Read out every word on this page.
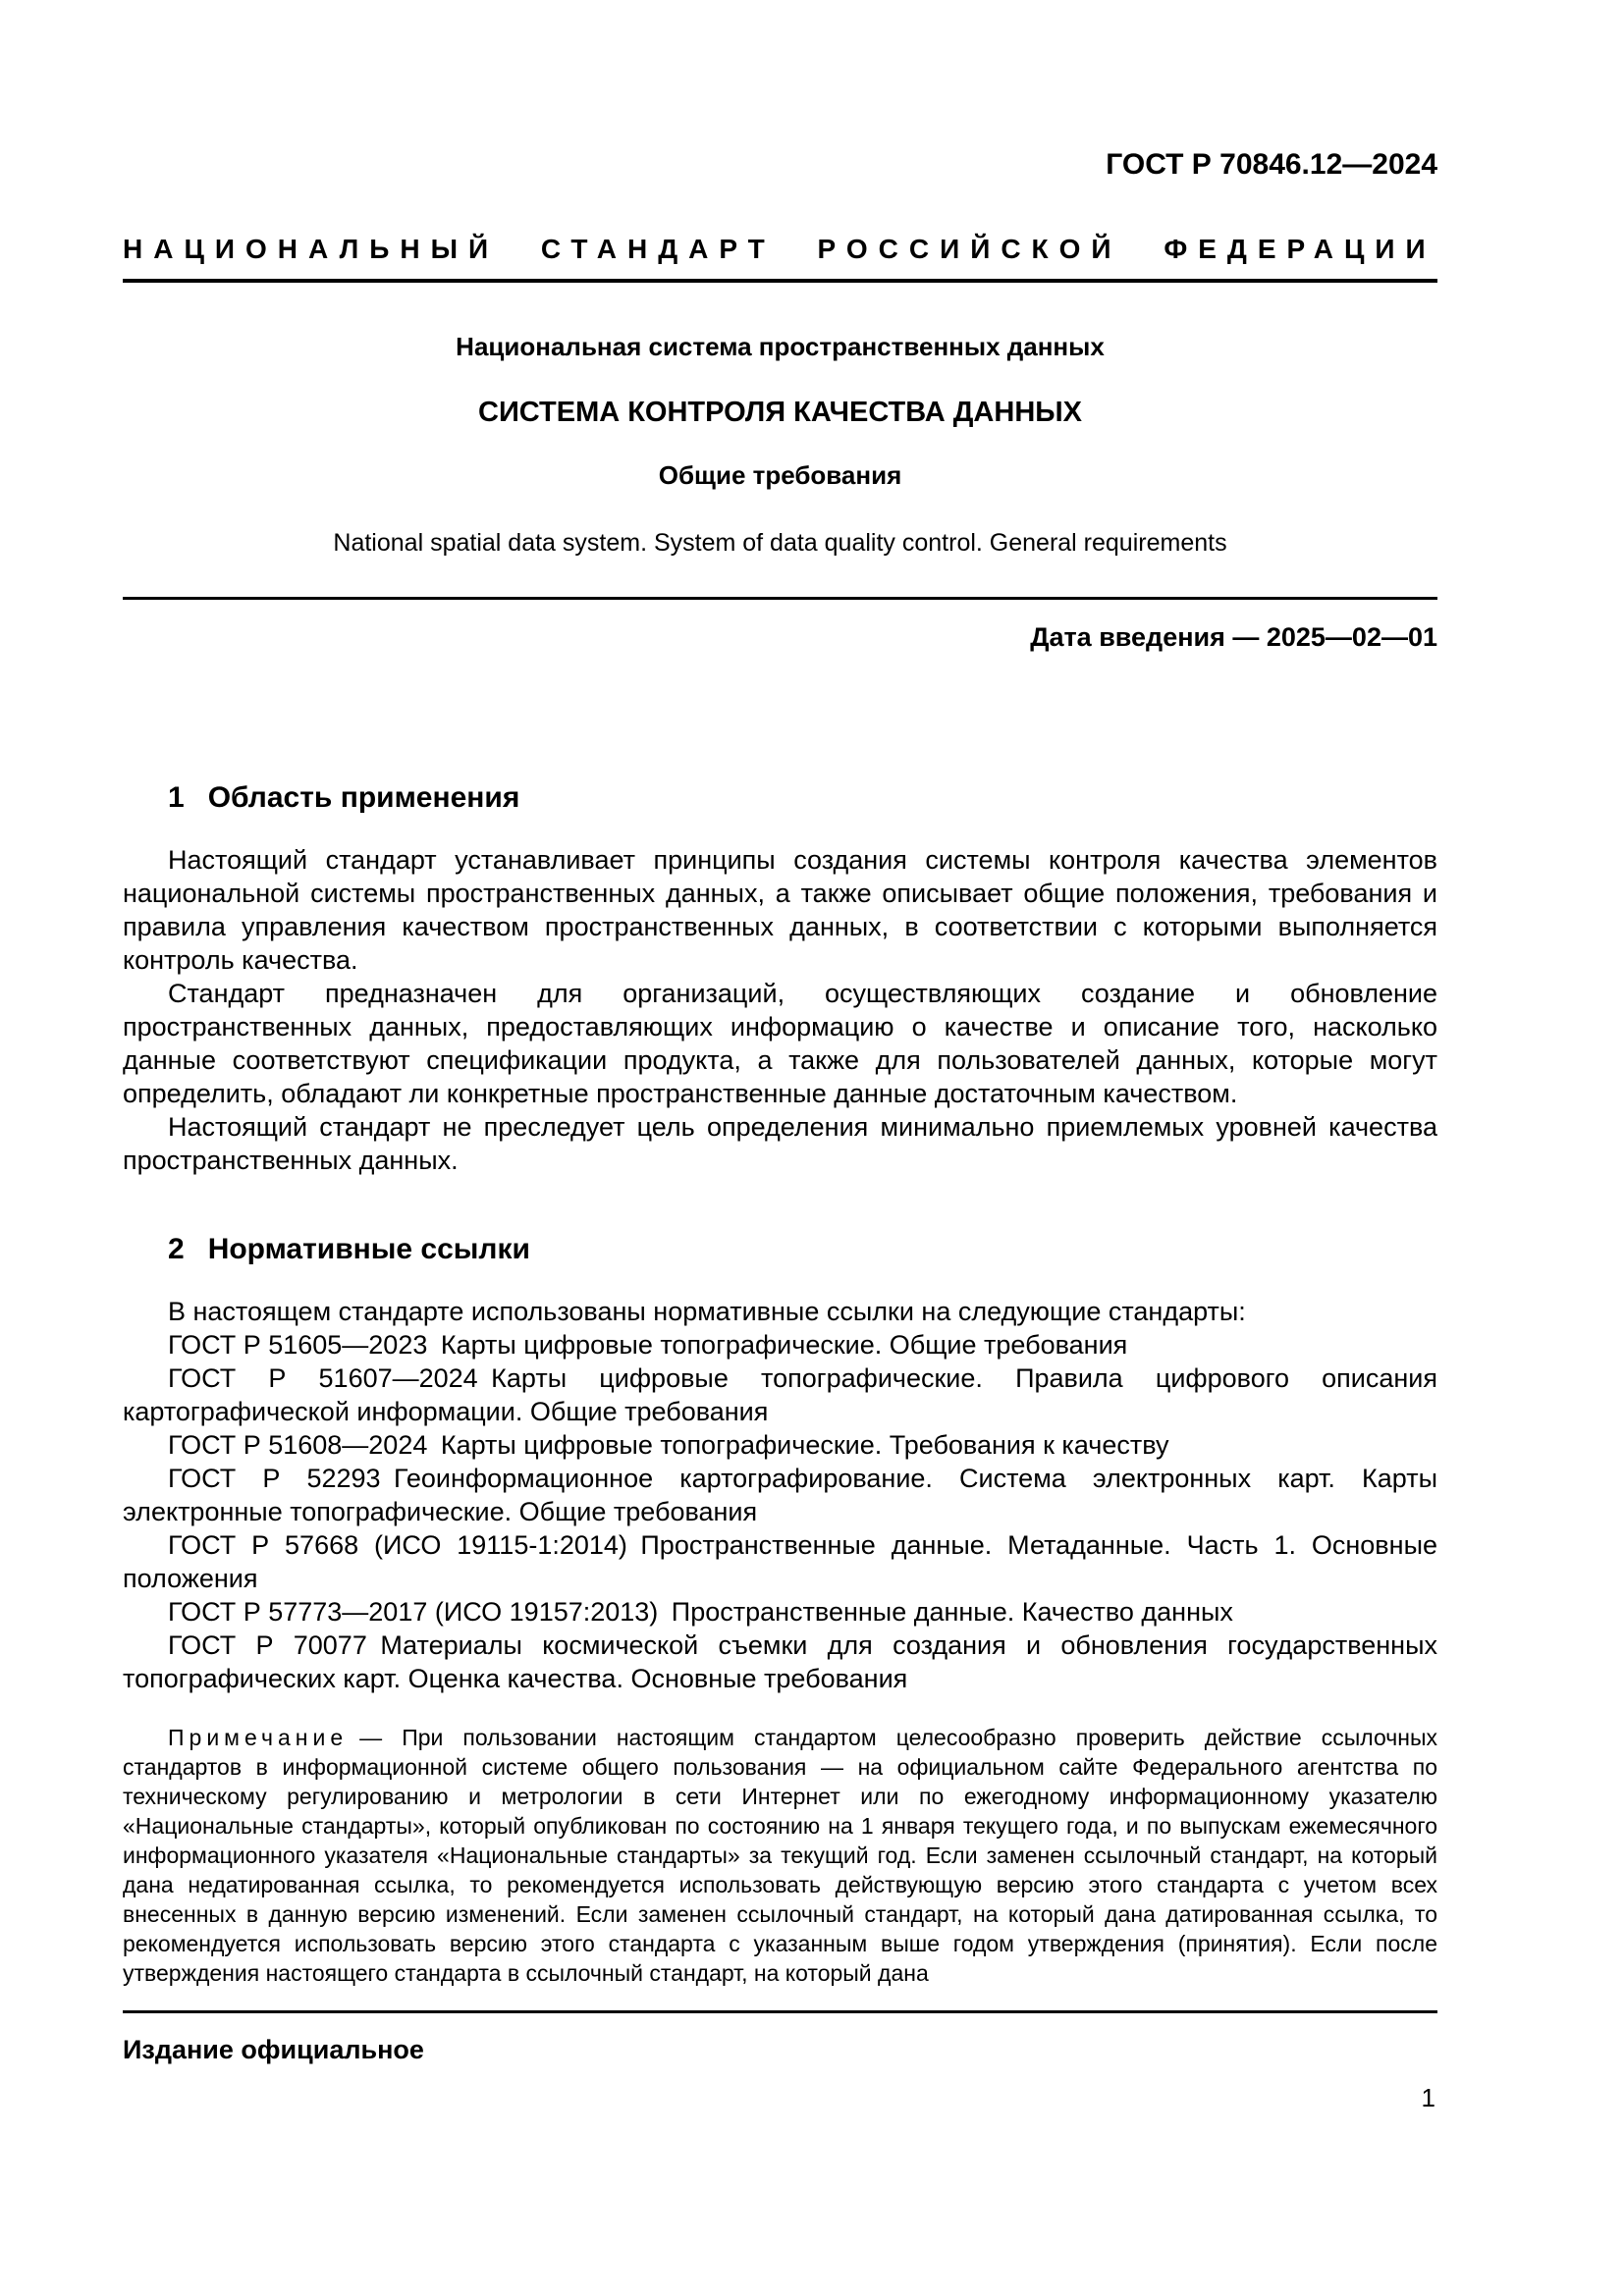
ГОСТ Р 70846.12—2024
НАЦИОНАЛЬНЫЙ СТАНДАРТ РОССИЙСКОЙ ФЕДЕРАЦИИ
Национальная система пространственных данных
СИСТЕМА КОНТРОЛЯ КАЧЕСТВА ДАННЫХ
Общие требования
National spatial data system. System of data quality control. General requirements
Дата введения — 2025—02—01
1 Область применения

Настоящий стандарт устанавливает принципы создания системы контроля качества элементов национальной системы пространственных данных, а также описывает общие положения, требования и правила управления качеством пространственных данных, в соответствии с которыми выполняется контроль качества.

Стандарт предназначен для организаций, осуществляющих создание и обновление пространственных данных, предоставляющих информацию о качестве и описание того, насколько данные соответствуют спецификации продукта, а также для пользователей данных, которые могут определить, обладают ли конкретные пространственные данные достаточным качеством.

Настоящий стандарт не преследует цель определения минимально приемлемых уровней качества пространственных данных.

2 Нормативные ссылки

В настоящем стандарте использованы нормативные ссылки на следующие стандарты:

ГОСТ Р 51605—2023 Карты цифровые топографические. Общие требования

ГОСТ Р 51607—2024 Карты цифровые топографические. Правила цифрового описания картографической информации. Общие требования

ГОСТ Р 51608—2024 Карты цифровые топографические. Требования к качеству

ГОСТ Р 52293 Геоинформационное картографирование. Система электронных карт. Карты электронные топографические. Общие требования

ГОСТ Р 57668 (ИСО 19115-1:2014) Пространственные данные. Метаданные. Часть 1. Основные положения

ГОСТ Р 57773—2017 (ИСО 19157:2013) Пространственные данные. Качество данных

ГОСТ Р 70077 Материалы космической съемки для создания и обновления государственных топографических карт. Оценка качества. Основные требования

Примечание — При пользовании настоящим стандартом целесообразно проверить действие ссылочных стандартов в информационной системе общего пользования — на официальном сайте Федерального агентства по техническому регулированию и метрологии в сети Интернет или по ежегодному информационному указателю «Национальные стандарты», который опубликован по состоянию на 1 января текущего года, и по выпускам ежемесячного информационного указателя «Национальные стандарты» за текущий год. Если заменен ссылочный стандарт, на который дана недатированная ссылка, то рекомендуется использовать действующую версию этого стандарта с учетом всех внесенных в данную версию изменений. Если заменен ссылочный стандарт, на который дана датированная ссылка, то рекомендуется использовать версию этого стандарта с указанным выше годом утверждения (принятия). Если после утверждения настоящего стандарта в ссылочный стандарт, на который дана

Издание официальное
1
